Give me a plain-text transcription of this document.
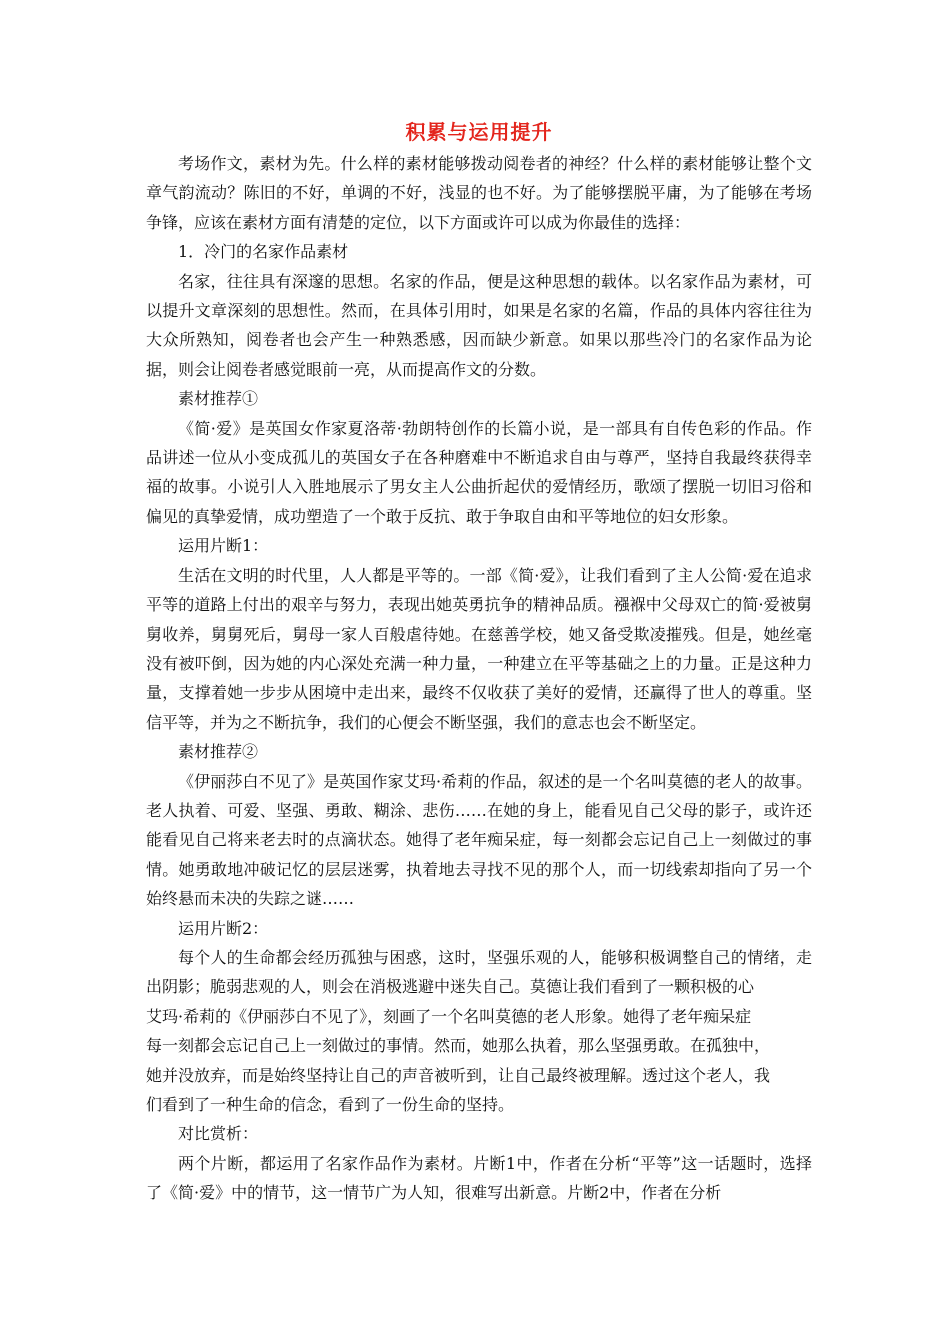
积累与运用提升

考场作文，素材为先。什么样的素材能够拨动阅卷者的神经？什么样的素材能够让整个文章气韵流动？陈旧的不好，单调的不好，浅显的也不好。为了能够摆脱平庸，为了能够在考场争锋，应该在素材方面有清楚的定位，以下方面或许可以成为你最佳的选择：

1．冷门的名家作品素材

名家，往往具有深邃的思想。名家的作品，便是这种思想的载体。以名家作品为素材，可以提升文章深刻的思想性。然而，在具体引用时，如果是名家的名篇，作品的具体内容往往为大众所熟知，阅卷者也会产生一种熟悉感，因而缺少新意。如果以那些冷门的名家作品为论据，则会让阅卷者感觉眼前一亮，从而提高作文的分数。

素材推荐①

《简·爱》是英国女作家夏洛蒂·勃朗特创作的长篇小说，是一部具有自传色彩的作品。作品讲述一位从小变成孤儿的英国女子在各种磨难中不断追求自由与尊严，坚持自我最终获得幸福的故事。小说引人入胜地展示了男女主人公曲折起伏的爱情经历，歌颂了摆脱一切旧习俗和偏见的真挚爱情，成功塑造了一个敢于反抗、敢于争取自由和平等地位的妇女形象。

运用片断1：

生活在文明的时代里，人人都是平等的。一部《简·爱》，让我们看到了主人公简·爱在追求平等的道路上付出的艰辛与努力，表现出她英勇抗争的精神品质。襁褓中父母双亡的简·爱被舅舅收养，舅舅死后，舅母一家人百般虐待她。在慈善学校，她又备受欺凌摧残。但是，她丝毫没有被吓倒，因为她的内心深处充满一种力量，一种建立在平等基础之上的力量。正是这种力量，支撑着她一步步从困境中走出来，最终不仅收获了美好的爱情，还赢得了世人的尊重。坚信平等，并为之不断抗争，我们的心便会不断坚强，我们的意志也会不断坚定。

素材推荐②

《伊丽莎白不见了》是英国作家艾玛·希莉的作品，叙述的是一个名叫莫德的老人的故事。老人执着、可爱、坚强、勇敢、糊涂、悲伤……在她的身上，能看见自己父母的影子，或许还能看见自己将来老去时的点滴状态。她得了老年痴呆症，每一刻都会忘记自己上一刻做过的事情。她勇敢地冲破记忆的层层迷雾，执着地去寻找不见的那个人，而一切线索却指向了另一个始终悬而未决的失踪之谜……

运用片断2：

每个人的生命都会经历孤独与困惑，这时，坚强乐观的人，能够积极调整自己的情绪，走出阴影；脆弱悲观的人，则会在消极逃避中迷失自己。莫德让我们看到了一颗积极的心

艾玛·希莉的《伊丽莎白不见了》，刻画了一个名叫莫德的老人形象。她得了老年痴呆症

每一刻都会忘记自己上一刻做过的事情。然而，她那么执着，那么坚强勇敢。在孤独中，

她并没放弃，而是始终坚持让自己的声音被听到，让自己最终被理解。透过这个老人，我

们看到了一种生命的信念，看到了一份生命的坚持。

对比赏析：

两个片断，都运用了名家作品作为素材。片断1中，作者在分析“平等”这一话题时，选择了《简·爱》中的情节，这一情节广为人知，很难写出新意。片断2中，作者在分析
